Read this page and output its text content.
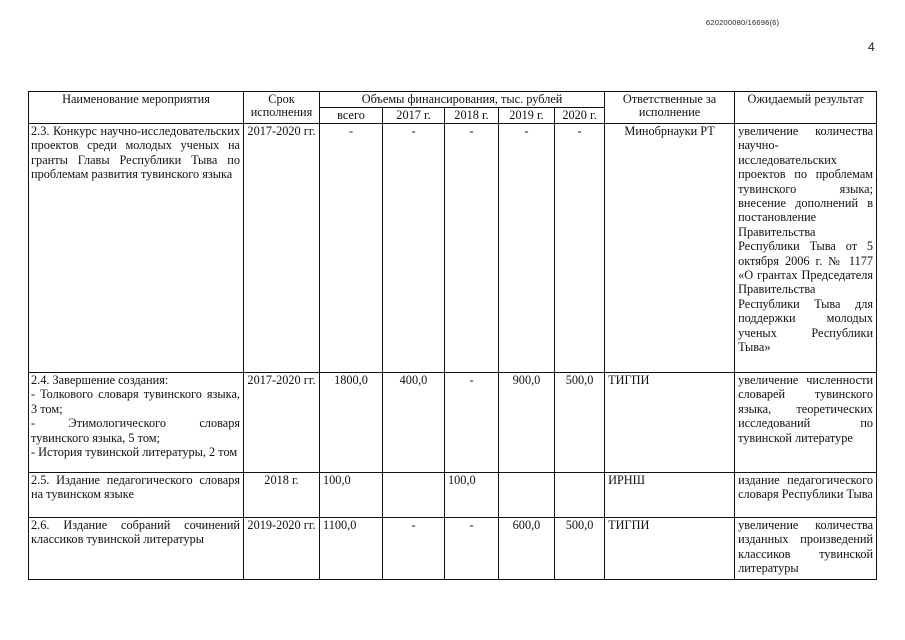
620200080/16696(6)
4
Наименование мероприятия	Срок исполнения	Объемы финансирования, тыс. рублей					Ответственные за исполнение	Ожидаемый результат
		всего	2017 г.	2018 г.	2019 г.	2020 г.		
2.3. Конкурс научно-исследовательских проектов среди молодых ученых на гранты Главы Республики Тыва по проблемам развития тувинского языка	2017-2020 гг.	-	-	-	-	-	Минобрнауки РТ	увеличение количества научно-исследовательских проектов по проблемам тувинского языка; внесение дополнений в постановление Правительства Республики Тыва от 5 октября 2006 г. № 1177 «О грантах Председателя Правительства Республики Тыва для поддержки молодых ученых Республики Тыва»

2.4. Завершение создания:
- Толкового словаря тувинского языка, 3 том;
- Этимологического словаря тувинского языка, 5 том;
- История тувинской литературы, 2 том	2017-2020 гг.	1800,0	400,0	-	900,0	500,0	ТИГПИ	увеличение численности словарей тувинского языка, теоретических исследований по тувинской литературе
2.5. Издание педагогического словаря на тувинском языке	2018 г.	100,0		100,0			ИРНШ	издание педагогического словаря Республики Тыва
2.6. Издание собраний сочинений классиков тувинской литературы	2019-2020 гг.	1100,0	-	-	600,0	500,0	ТИГПИ	увеличение количества изданных произведений классиков тувинской литературы
